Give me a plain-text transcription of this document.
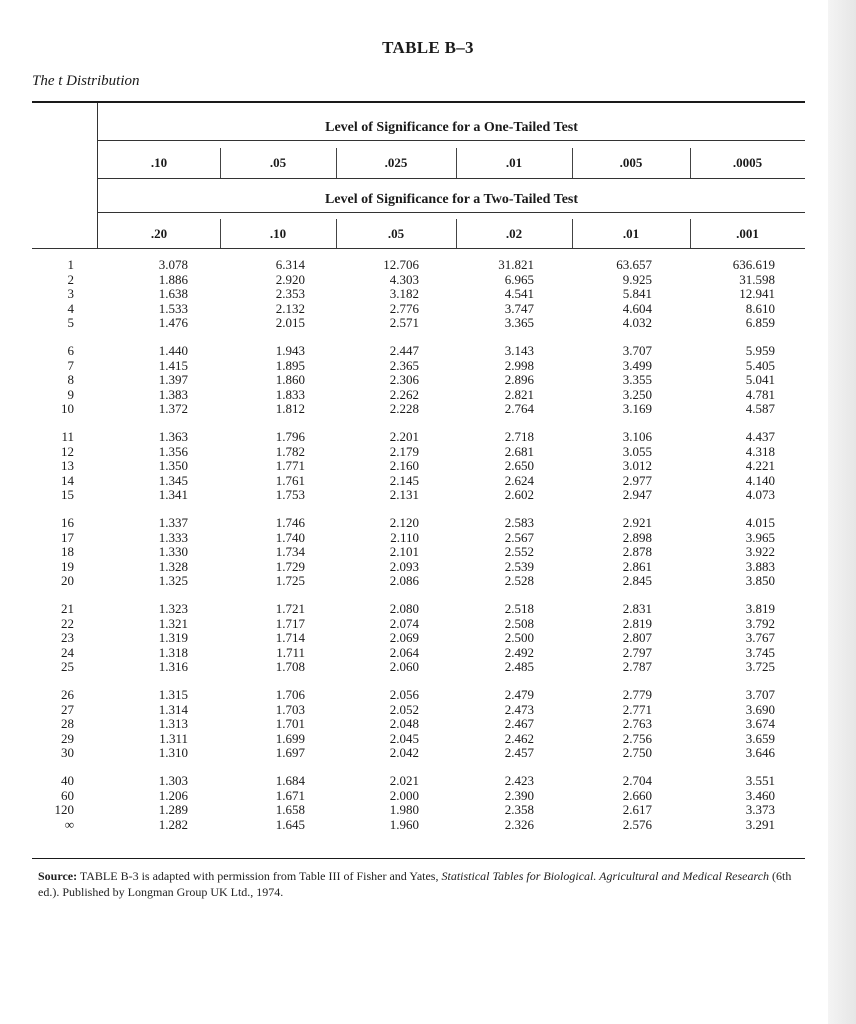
TABLE B–3
The t Distribution
Level of Significance for a One-Tailed Test
.10	.05	.025	.01	.005	.0005
Level of Significance for a Two-Tailed Test
.20	.10	.05	.02	.01	.001
1	3.078	6.314	12.706	31.821	63.657	636.619
2	1.886	2.920	4.303	6.965	9.925	31.598
3	1.638	2.353	3.182	4.541	5.841	12.941
4	1.533	2.132	2.776	3.747	4.604	8.610
5	1.476	2.015	2.571	3.365	4.032	6.859
6	1.440	1.943	2.447	3.143	3.707	5.959
7	1.415	1.895	2.365	2.998	3.499	5.405
8	1.397	1.860	2.306	2.896	3.355	5.041
9	1.383	1.833	2.262	2.821	3.250	4.781
10	1.372	1.812	2.228	2.764	3.169	4.587
11	1.363	1.796	2.201	2.718	3.106	4.437
12	1.356	1.782	2.179	2.681	3.055	4.318
13	1.350	1.771	2.160	2.650	3.012	4.221
14	1.345	1.761	2.145	2.624	2.977	4.140
15	1.341	1.753	2.131	2.602	2.947	4.073
16	1.337	1.746	2.120	2.583	2.921	4.015
17	1.333	1.740	2.110	2.567	2.898	3.965
18	1.330	1.734	2.101	2.552	2.878	3.922
19	1.328	1.729	2.093	2.539	2.861	3.883
20	1.325	1.725	2.086	2.528	2.845	3.850
21	1.323	1.721	2.080	2.518	2.831	3.819
22	1.321	1.717	2.074	2.508	2.819	3.792
23	1.319	1.714	2.069	2.500	2.807	3.767
24	1.318	1.711	2.064	2.492	2.797	3.745
25	1.316	1.708	2.060	2.485	2.787	3.725
26	1.315	1.706	2.056	2.479	2.779	3.707
27	1.314	1.703	2.052	2.473	2.771	3.690
28	1.313	1.701	2.048	2.467	2.763	3.674
29	1.311	1.699	2.045	2.462	2.756	3.659
30	1.310	1.697	2.042	2.457	2.750	3.646
40	1.303	1.684	2.021	2.423	2.704	3.551
60	1.206	1.671	2.000	2.390	2.660	3.460
120	1.289	1.658	1.980	2.358	2.617	3.373
∞	1.282	1.645	1.960	2.326	2.576	3.291
Source: TABLE B-3 is adapted with permission from Table III of Fisher and Yates, Statistical Tables for Biological. Agricultural and Medical Research (6th ed.). Published by Longman Group UK Ltd., 1974.
